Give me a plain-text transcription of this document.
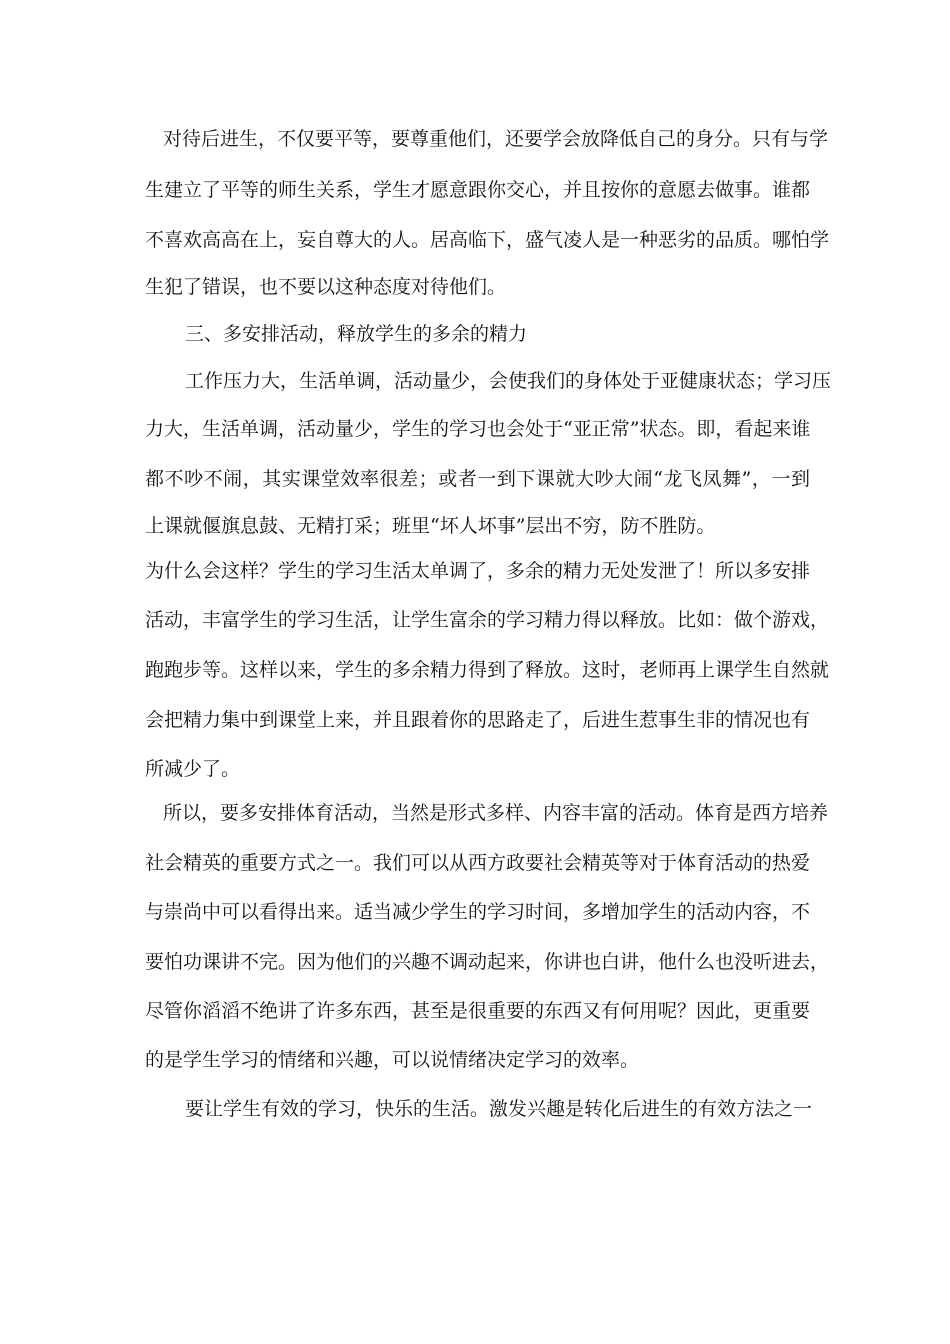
对待后进生，不仅要平等，要尊重他们，还要学会放降低自己的身分。只有与学
生建立了平等的师生关系，学生才愿意跟你交心，并且按你的意愿去做事。谁都
不喜欢高高在上，妄自尊大的人。居高临下，盛气凌人是一种恶劣的品质。哪怕学
生犯了错误，也不要以这种态度对待他们。
三、多安排活动，释放学生的多余的精力
工作压力大，生活单调，活动量少，会使我们的身体处于亚健康状态；学习压
力大，生活单调，活动量少，学生的学习也会处于“亚正常”状态。即，看起来谁
都不吵不闹，其实课堂效率很差；或者一到下课就大吵大闹“龙飞凤舞”，一到
上课就偃旗息鼓、无精打采；班里“坏人坏事”层出不穷，防不胜防。
为什么会这样？学生的学习生活太单调了，多余的精力无处发泄了！所以多安排
活动，丰富学生的学习生活，让学生富余的学习精力得以释放。比如：做个游戏，
跑跑步等。这样以来，学生的多余精力得到了释放。这时，老师再上课学生自然就
会把精力集中到课堂上来，并且跟着你的思路走了，后进生惹事生非的情况也有
所减少了。
所以，要多安排体育活动，当然是形式多样、内容丰富的活动。体育是西方培养
社会精英的重要方式之一。我们可以从西方政要社会精英等对于体育活动的热爱
与崇尚中可以看得出来。适当减少学生的学习时间，多增加学生的活动内容，不
要怕功课讲不完。因为他们的兴趣不调动起来，你讲也白讲，他什么也没听进去，
尽管你滔滔不绝讲了许多东西，甚至是很重要的东西又有何用呢？因此，更重要
的是学生学习的情绪和兴趣，可以说情绪决定学习的效率。
要让学生有效的学习，快乐的生活。激发兴趣是转化后进生的有效方法之一
